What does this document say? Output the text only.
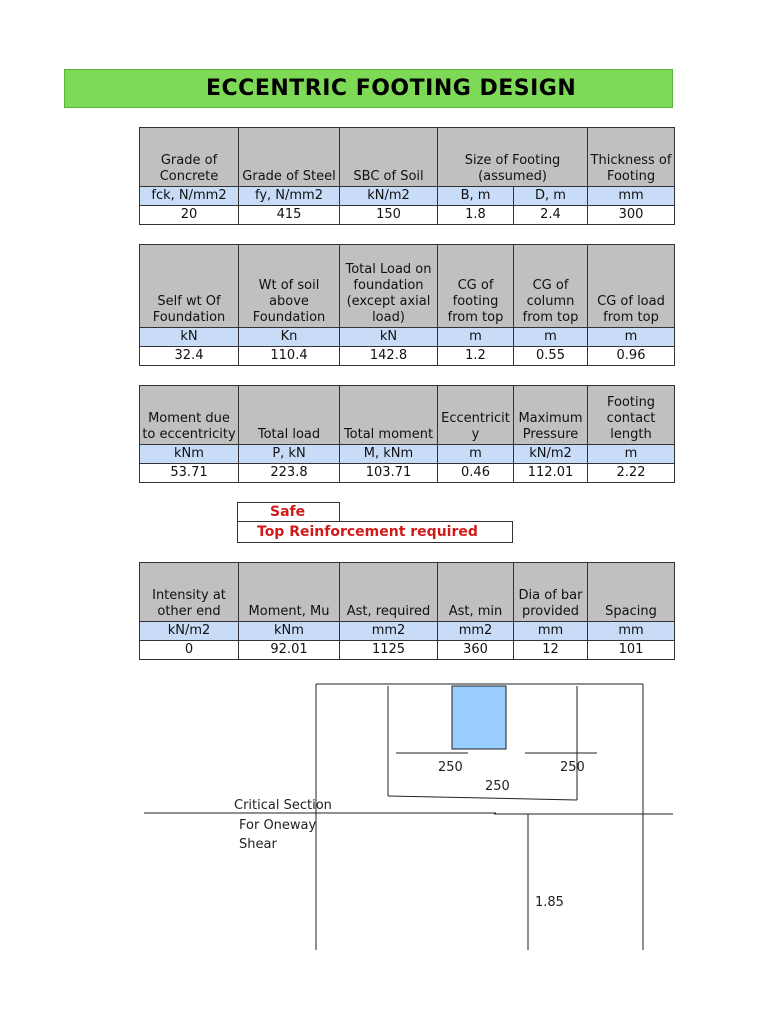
ECCENTRIC FOOTING DESIGN
Grade of Concrete	Grade of Steel	SBC of Soil	Size of Footing (assumed)		Thickness of Footing
fck, N/mm2	fy, N/mm2	kN/m2	B, m	D, m	mm
20	415	150	1.8	2.4	300
Self wt Of Foundation	Wt of soil above Foundation	Total Load on foundation (except axial load)	CG of footing from top	CG of column from top	CG of load from top
kN	Kn	kN	m	m	m
32.4	110.4	142.8	1.2	0.55	0.96
Moment due to eccentricity	Total load	Total moment	Eccentricity	Maximum Pressure	Footing contact length
kNm	P, kN	M, kNm	m	kN/m2	m
53.71	223.8	103.71	0.46	112.01	2.22
Safe
Top Reinforcement required
Intensity at other end	Moment, Mu	Ast, required	Ast, min	Dia of bar provided	Spacing
kN/m2	kNm	mm2	mm2	mm	mm
0	92.01	1125	360	12	101
250	250
250
Critical Section
For Oneway
Shear
1.85
